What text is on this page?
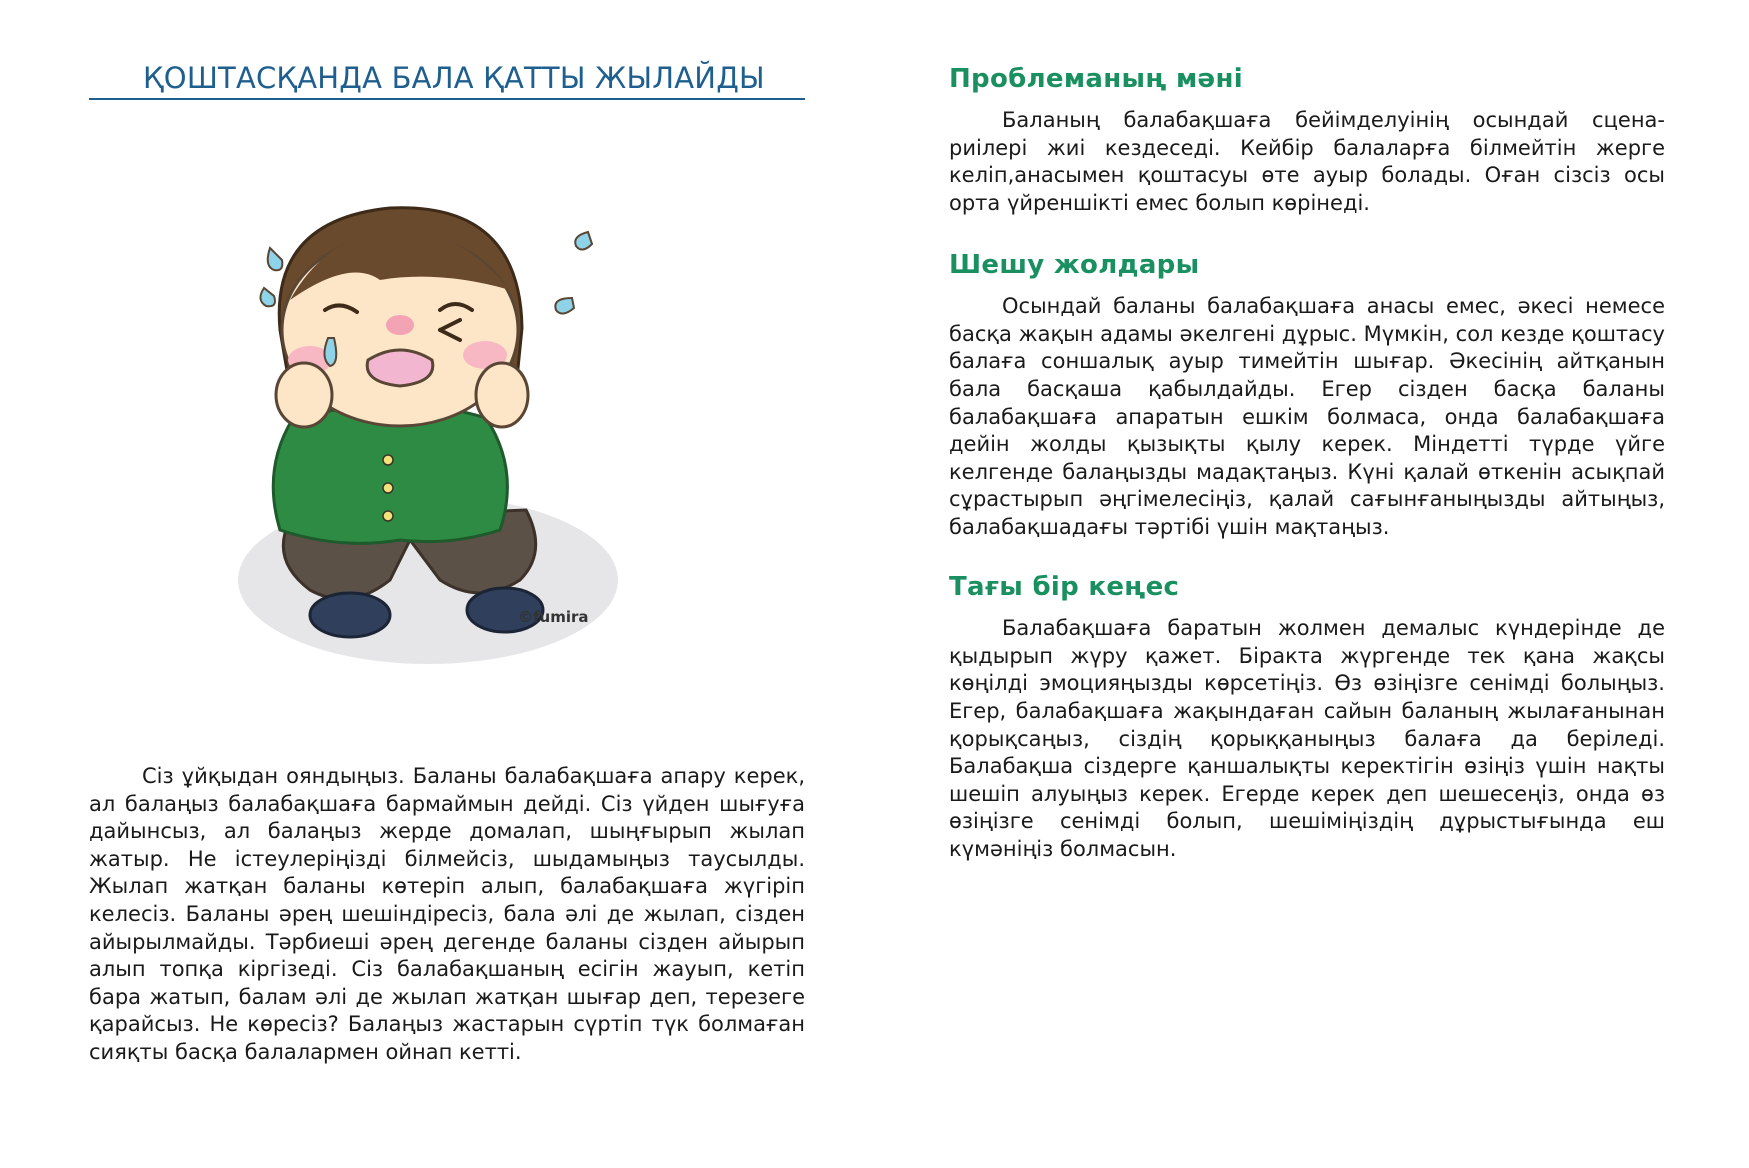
ҚОШТАСҚАНДА БАЛА ҚАТТЫ ЖЫЛАЙДЫ
©fumira

Сіз ұйқыдан ояндыңыз. Баланы балабақшаға апару керек, ал балаңыз балабақшаға бармаймын дейді. Сіз үйден шығуға дайынсыз, ал балаңыз жерде домалап, шыңғырып жылап жатыр. Не істеулеріңізді білмейсіз, шыдамыңыз таусылды. Жылап жатқан баланы көтеріп алып, балабақшаға жүгіріп келесіз. Баланы әрең шешіндіресіз, бала әлі де жылап, сізден айырылмайды. Тәрбиеші әрең дегенде баланы сізден айырып алып топқа кіргізеді. Сіз балабақшаның есігін жауып, кетіп бара жатып, балам әлі де жылап жатқан шығар деп, терезеге қарайсыз. Не көресіз? Балаңыз жастарын сүртіп түк болмаған сияқты басқа балалармен ойнап кетті.

Проблеманың мәні

Баланың балабақшаға бейімделуінің осындай сценариілері жиі кездеседі. Кейбір балаларға білмейтін жерге келіп,анасымен қоштасуы өте ауыр болады. Оған сізсіз осы орта үйреншікті емес болып көрінеді.

Шешу жолдары

Осындай баланы балабақшаға анасы емес, әкесі немесе басқа жақын адамы әкелгені дұрыс. Мүмкін, сол кезде қоштасу балаға соншалық ауыр тимейтін шығар. Әкесінің айтқанын бала басқаша қабылдайды. Егер сізден басқа баланы балабақшаға апаратын ешкім болмаса, онда балабақшаға дейін жолды қызықты қылу керек. Міндетті түрде үйге келгенде балаңызды мадақтаңыз. Күні қалай өткенін асықпай сұрастырып әңгімелесіңіз, қалай сағынғаныңызды айтыңыз, балабақшадағы тәртібі үшін мақтаңыз.

Тағы бір кеңес

Балабақшаға баратын жолмен демалыс күндерінде де қыдырып жүру қажет. Біракта жүргенде тек қана жақсы көңілді эмоцияңызды көрсетіңіз. Өз өзіңізге сенімді болыңыз. Егер, балабақшаға жақындаған сайын баланың жылағанынан қорықсаңыз, сіздің қорыққаныңыз балаға да беріледі. Балабақша сіздерге қаншалықты керектігін өзіңіз үшін нақты шешіп алуыңыз керек. Егерде керек деп шешесеңіз, онда өз өзіңізге сенімді болып, шешіміңіздің дұрыстығында еш күмәніңіз болмасын.
